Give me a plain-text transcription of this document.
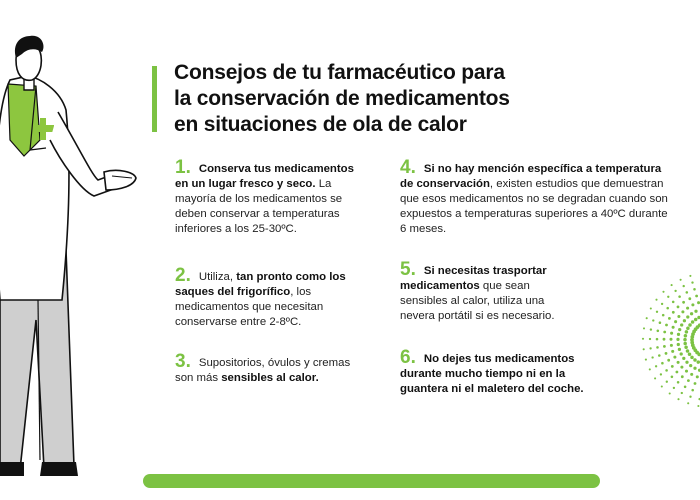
Consejos de tu farmacéutico para
la conservación de medicamentos
en situaciones de ola de calor
1. Conserva tus medicamentos en un lugar fresco y seco. La mayoría de los medicamentos se deben conservar a temperaturas inferiores a los 25-30ºC.
2. Utiliza, tan pronto como los saques del frigorífico, los medicamentos que necesitan conservarse entre 2-8ºC.
3. Supositorios, óvulos y cremas son más sensibles al calor.
4. Si no hay mención específica a temperatura de conservación, existen estudios que demuestran que esos medicamentos no se degradan cuando son expuestos a temperaturas superiores a 40ºC durante 6 meses.
5. Si necesitas trasportar medicamentos que sean sensibles al calor, utiliza una nevera portátil si es necesario.
6. No dejes tus medicamentos durante mucho tiempo ni en la guantera ni el maletero del coche.
